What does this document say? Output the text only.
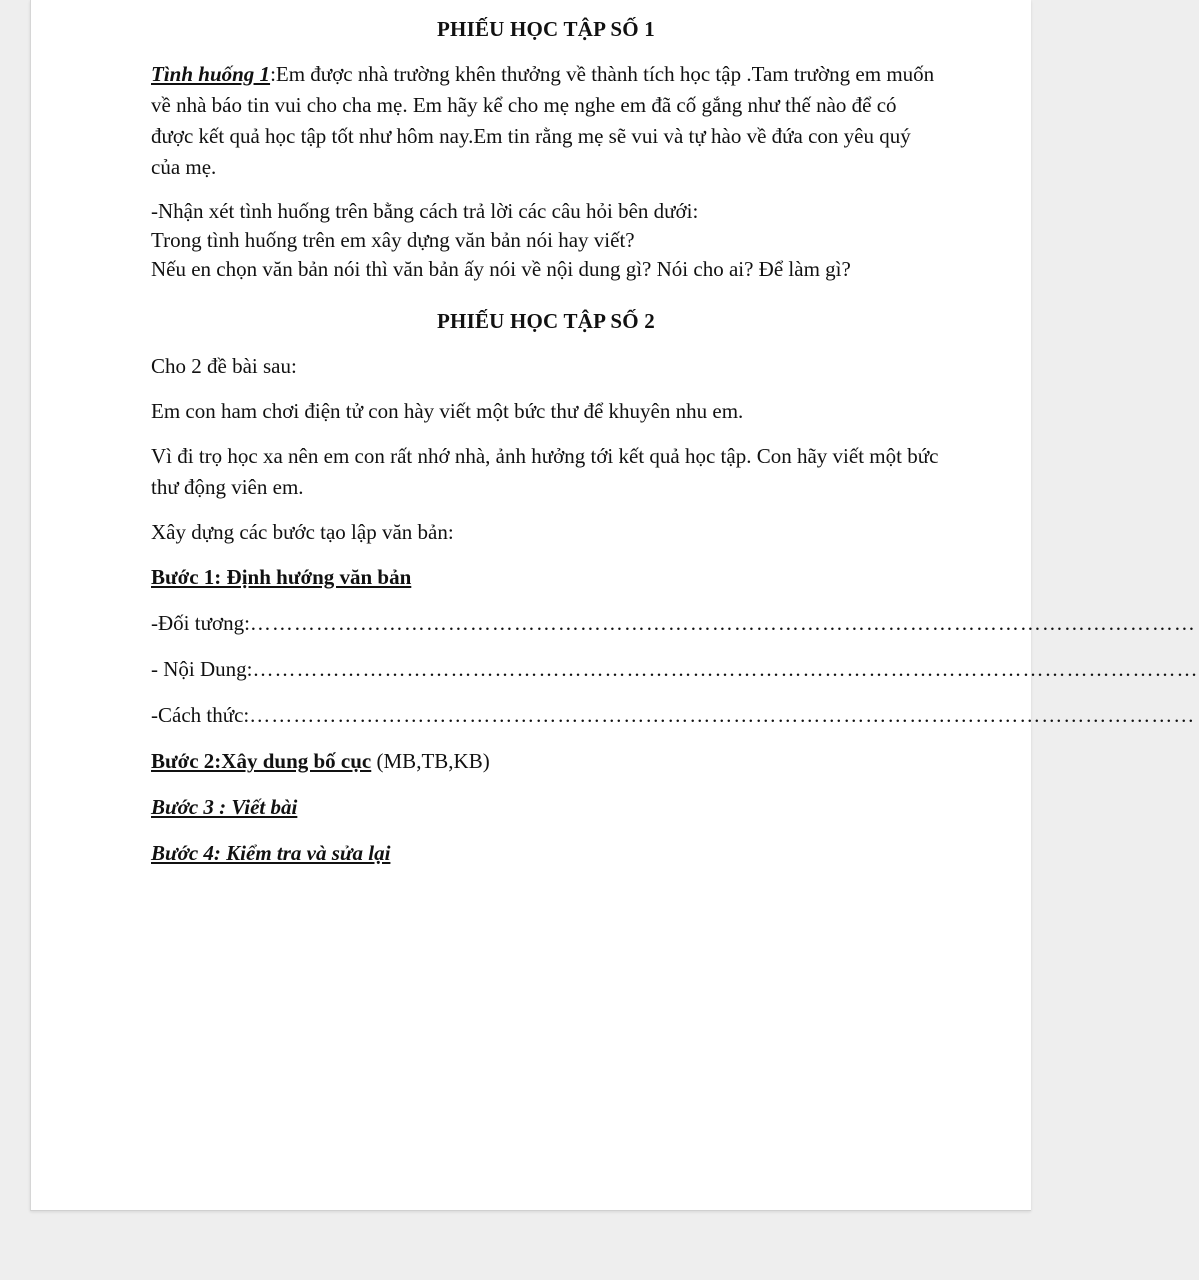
PHIẾU HỌC TẬP SỐ 1

Tình huống 1:Em được nhà trường khên thưởng về thành tích học tập .Tam trường em muốn về nhà báo tin vui cho cha mẹ. Em hãy kể cho mẹ nghe em đã cố gắng như thế nào để có được kết quả học tập tốt như hôm nay.Em tin rằng mẹ sẽ vui và tự hào về đứa con yêu quý của mẹ.

-Nhận xét tình huống trên bằng cách trả lời các câu hỏi bên dưới:
Trong tình huống trên em xây dựng văn bản nói hay viết?
Nếu en chọn văn bản nói thì văn bản ấy nói về nội dung gì? Nói cho ai? Để làm gì?
PHIẾU HỌC TẬP SỐ 2

Cho 2 đề bài sau:

Em con ham chơi điện tử con hày viết một bức thư để khuyên nhu em.

Vì đi trọ học xa nên em con rất nhớ nhà, ảnh hưởng tới kết quả học tập. Con hãy viết một bức thư động viên em.

Xây dựng các bước tạo lập văn bản:

Bước 1: Định hướng văn bản
-Đối tương: …………………………………………………………………………………………………………………
- Nội Dung: …………………………………………………………………………………………………………………
-Cách thức: …………………………………………………………………………………………………………………
Bước 2:Xây dung bố cục (MB,TB,KB)
Bước 3 : Viết bài
Bước 4: Kiểm tra và sửa lại
